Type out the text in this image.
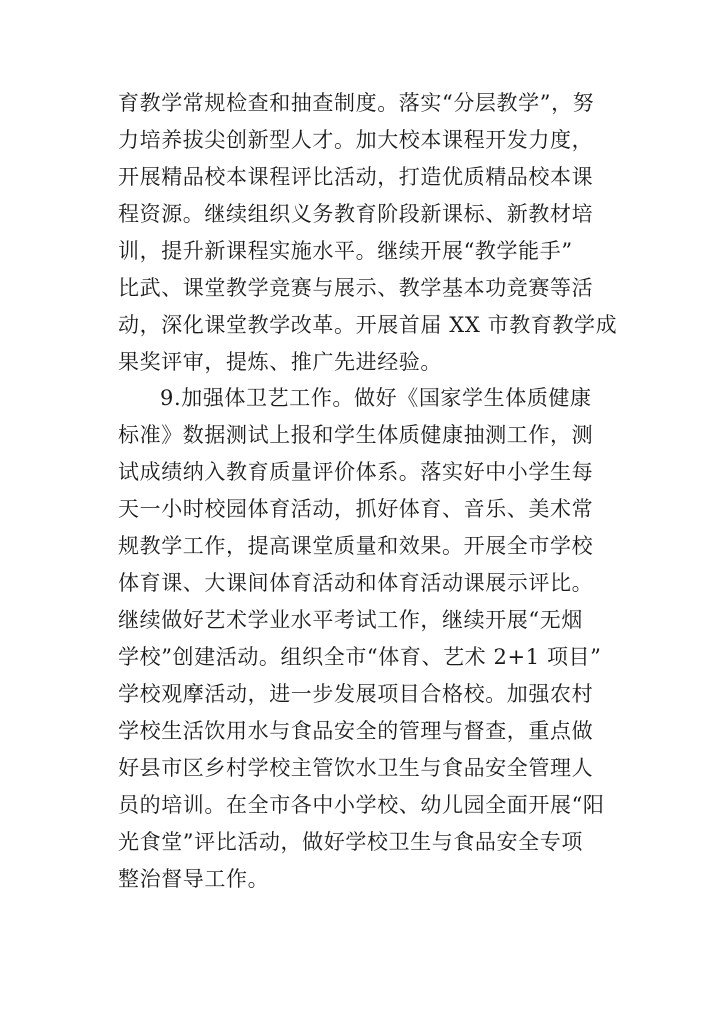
育教学常规检查和抽查制度。落实“分层教学”，努
力培养拔尖创新型人才。加大校本课程开发力度，
开展精品校本课程评比活动，打造优质精品校本课
程资源。继续组织义务教育阶段新课标、新教材培
训，提升新课程实施水平。继续开展“教学能手”
比武、课堂教学竞赛与展示、教学基本功竞赛等活
动，深化课堂教学改革。开展首届 XX 市教育教学成
果奖评审，提炼、推广先进经验。
9.加强体卫艺工作。做好《国家学生体质健康
标准》数据测试上报和学生体质健康抽测工作，测
试成绩纳入教育质量评价体系。落实好中小学生每
天一小时校园体育活动，抓好体育、音乐、美术常
规教学工作，提高课堂质量和效果。开展全市学校
体育课、大课间体育活动和体育活动课展示评比。
继续做好艺术学业水平考试工作，继续开展“无烟
学校”创建活动。组织全市“体育、艺术 2+1 项目”
学校观摩活动，进一步发展项目合格校。加强农村
学校生活饮用水与食品安全的管理与督查，重点做
好县市区乡村学校主管饮水卫生与食品安全管理人
员的培训。在全市各中小学校、幼儿园全面开展“阳
光食堂”评比活动，做好学校卫生与食品安全专项
整治督导工作。
